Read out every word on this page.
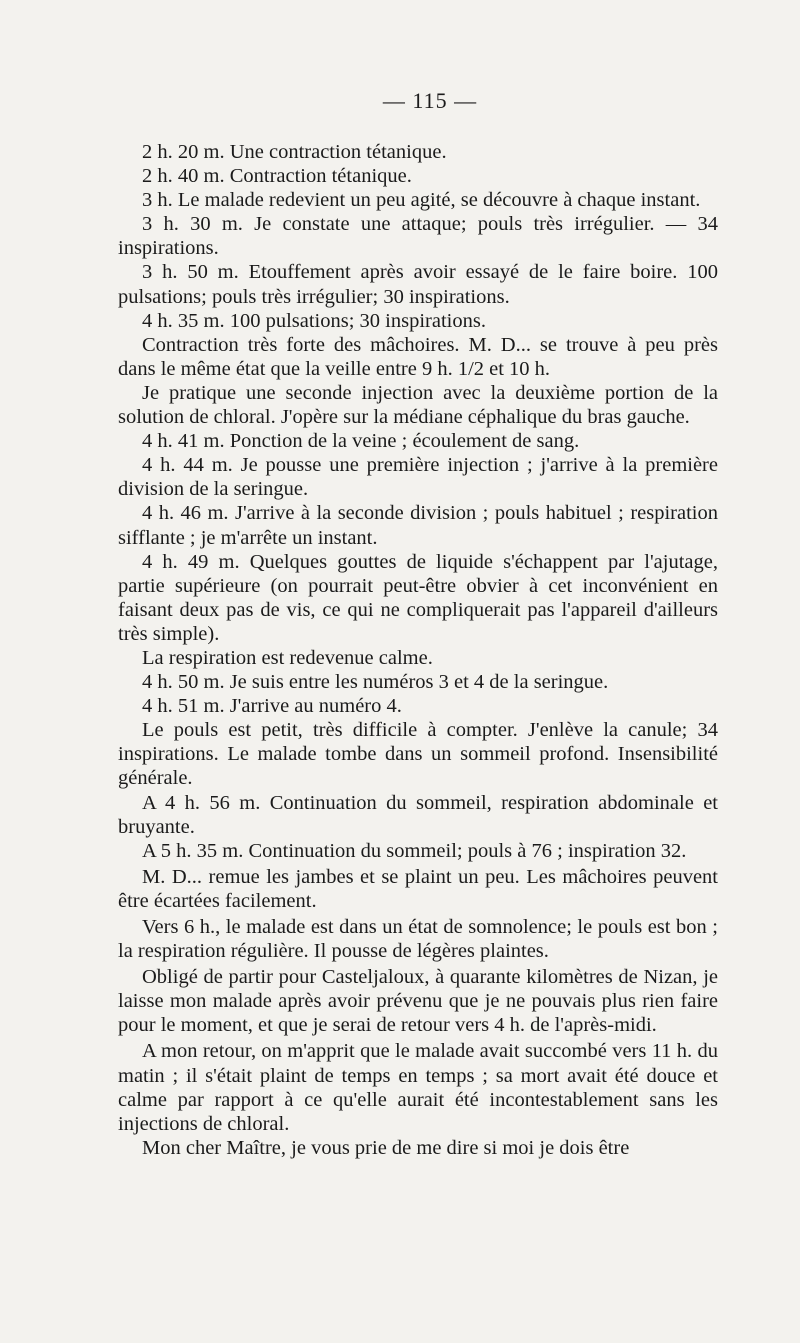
— 115 —

2 h. 20 m. Une contraction tétanique.

2 h. 40 m. Contraction tétanique.

3 h. Le malade redevient un peu agité, se découvre à chaque instant.

3 h. 30 m. Je constate une attaque; pouls très irrégulier. — 34 inspirations.

3 h. 50 m. Etouffement après avoir essayé de le faire boire. 100 pulsations; pouls très irrégulier; 30 inspirations.

4 h. 35 m. 100 pulsations; 30 inspirations.

Contraction très forte des mâchoires. M. D... se trouve à peu près dans le même état que la veille entre 9 h. 1/2 et 10 h.

Je pratique une seconde injection avec la deuxième portion de la solution de chloral. J'opère sur la médiane céphalique du bras gauche.

4 h. 41 m. Ponction de la veine ; écoulement de sang.

4 h. 44 m. Je pousse une première injection ; j'arrive à la première division de la seringue.

4 h. 46 m. J'arrive à la seconde division ; pouls habituel ; respiration sifflante ; je m'arrête un instant.

4 h. 49 m. Quelques gouttes de liquide s'échappent par l'ajutage, partie supérieure (on pourrait peut-être obvier à cet inconvénient en faisant deux pas de vis, ce qui ne compliquerait pas l'appareil d'ailleurs très simple).

La respiration est redevenue calme.

4 h. 50 m. Je suis entre les numéros 3 et 4 de la seringue.

4 h. 51 m. J'arrive au numéro 4.

Le pouls est petit, très difficile à compter. J'enlève la canule; 34 inspirations. Le malade tombe dans un sommeil profond. Insensibilité générale.

A 4 h. 56 m. Continuation du sommeil, respiration abdominale et bruyante.

A 5 h. 35 m. Continuation du sommeil; pouls à 76 ; inspiration 32.

M. D... remue les jambes et se plaint un peu. Les mâchoires peuvent être écartées facilement.

Vers 6 h., le malade est dans un état de somnolence; le pouls est bon ; la respiration régulière. Il pousse de légères plaintes.

Obligé de partir pour Casteljaloux, à quarante kilomètres de Nizan, je laisse mon malade après avoir prévenu que je ne pouvais plus rien faire pour le moment, et que je serai de retour vers 4 h. de l'après-midi.

A mon retour, on m'apprit que le malade avait succombé vers 11 h. du matin ; il s'était plaint de temps en temps ; sa mort avait été douce et calme par rapport à ce qu'elle aurait été incontestablement sans les injections de chloral.

Mon cher Maître, je vous prie de me dire si moi je dois être
